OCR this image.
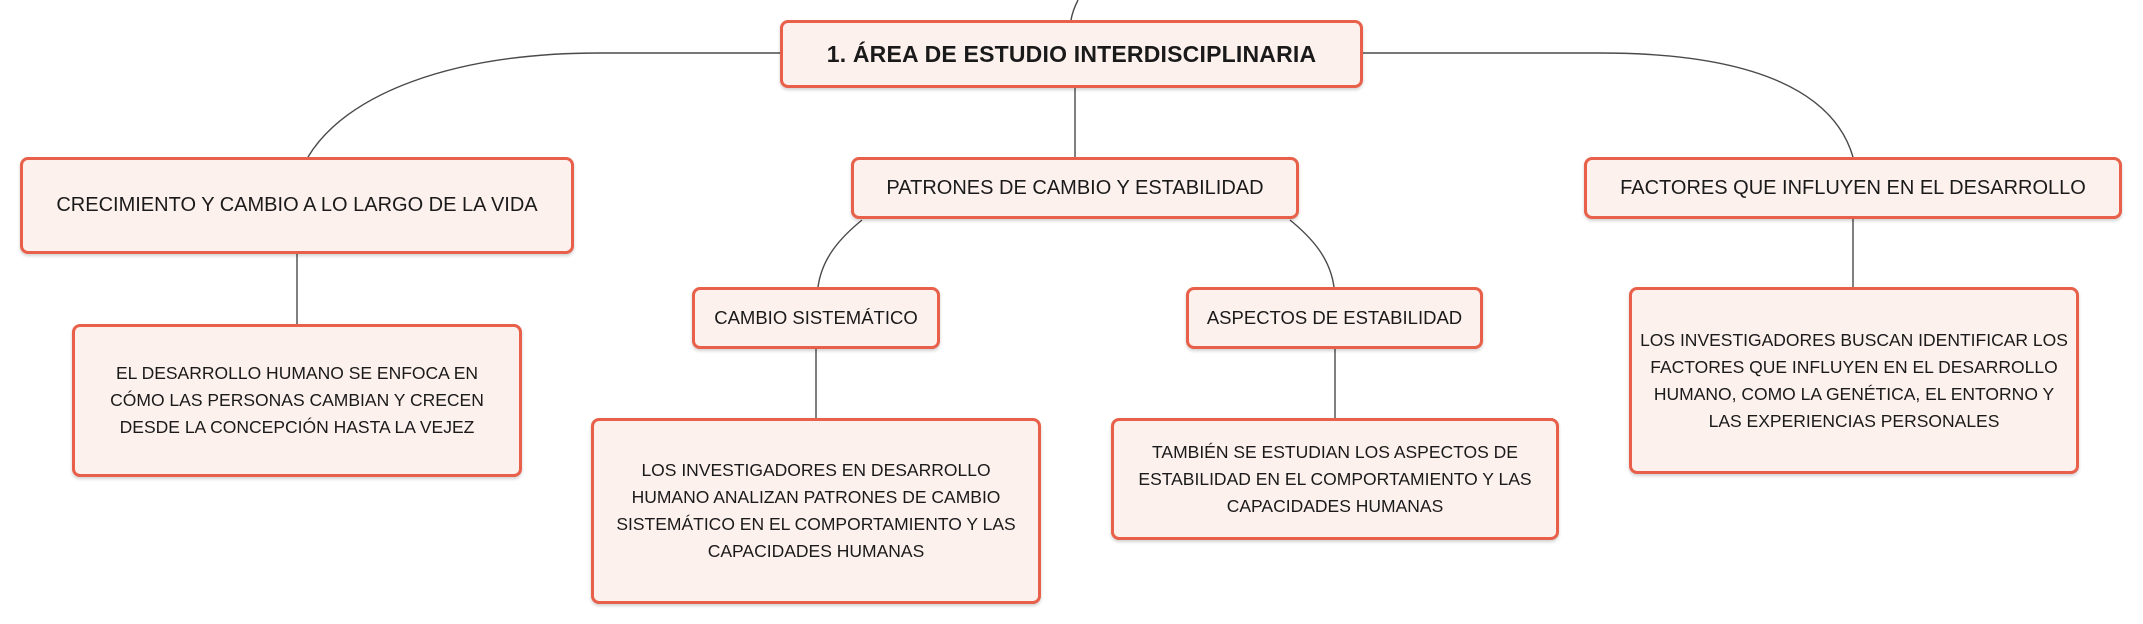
1. ÁREA DE ESTUDIO INTERDISCIPLINARIA
CRECIMIENTO Y CAMBIO A LO LARGO DE LA VIDA
PATRONES DE CAMBIO Y ESTABILIDAD	FACTORES QUE INFLUYEN EN EL DESARROLLO
CAMBIO SISTEMÁTICO	ASPECTOS DE ESTABILIDAD
EL DESARROLLO HUMANO SE ENFOCA EN CÓMO LAS PERSONAS CAMBIAN Y CRECEN DESDE LA CONCEPCIÓN HASTA LA VEJEZ
LOS INVESTIGADORES EN DESARROLLO HUMANO ANALIZAN PATRONES DE CAMBIO SISTEMÁTICO EN EL COMPORTAMIENTO Y LAS CAPACIDADES HUMANAS
TAMBIÉN SE ESTUDIAN LOS ASPECTOS DE ESTABILIDAD EN EL COMPORTAMIENTO Y LAS CAPACIDADES HUMANAS
LOS INVESTIGADORES BUSCAN IDENTIFICAR LOS FACTORES QUE INFLUYEN EN EL DESARROLLO HUMANO, COMO LA GENÉTICA, EL ENTORNO Y LAS EXPERIENCIAS PERSONALES
